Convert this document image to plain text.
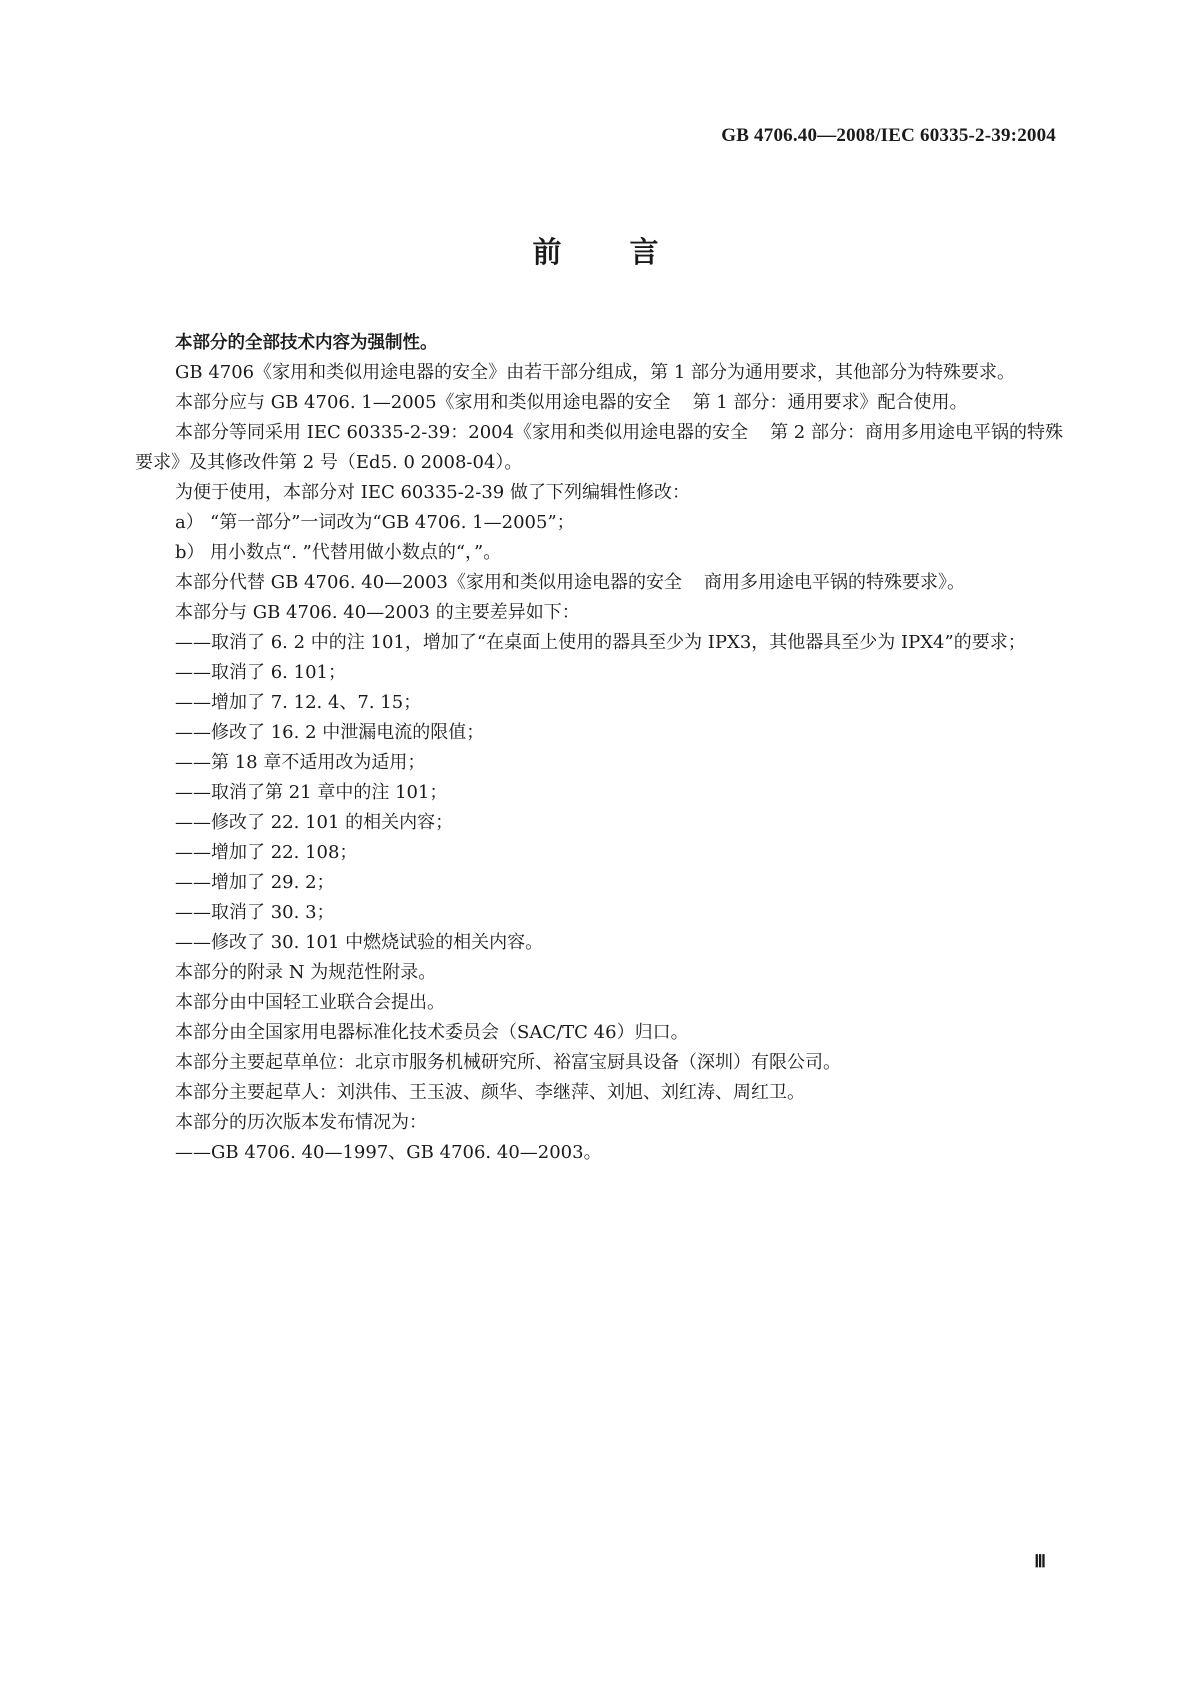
GB 4706.40—2008/IEC 60335-2-39:2004
前 言

本部分的全部技术内容为强制性。

GB 4706《家用和类似用途电器的安全》由若干部分组成，第 1 部分为通用要求，其他部分为特殊要求。

本部分应与 GB 4706. 1—2005《家用和类似用途电器的安全 第 1 部分：通用要求》配合使用。

本部分等同采用 IEC 60335-2-39：2004《家用和类似用途电器的安全 第 2 部分：商用多用途电平锅的特殊要求》及其修改件第 2 号（Ed5. 0 2008-04）。

为便于使用，本部分对 IEC 60335-2-39 做了下列编辑性修改：

a） “第一部分”一词改为“GB 4706. 1—2005”；

b） 用小数点“. ”代替用做小数点的“，”。

本部分代替 GB 4706. 40—2003《家用和类似用途电器的安全 商用多用途电平锅的特殊要求》。

本部分与 GB 4706. 40—2003 的主要差异如下：

——取消了 6. 2 中的注 101，增加了“在桌面上使用的器具至少为 IPX3，其他器具至少为 IPX4”的要求；

——取消了 6. 101；

——增加了 7. 12. 4、7. 15；

——修改了 16. 2 中泄漏电流的限值；

——第 18 章不适用改为适用；

——取消了第 21 章中的注 101；

——修改了 22. 101 的相关内容；

——增加了 22. 108；

——增加了 29. 2；

——取消了 30. 3；

——修改了 30. 101 中燃烧试验的相关内容。

本部分的附录 N 为规范性附录。

本部分由中国轻工业联合会提出。

本部分由全国家用电器标准化技术委员会（SAC/TC 46）归口。

本部分主要起草单位：北京市服务机械研究所、裕富宝厨具设备（深圳）有限公司。

本部分主要起草人：刘洪伟、王玉波、颜华、李继萍、刘旭、刘红涛、周红卫。

本部分的历次版本发布情况为：

——GB 4706. 40—1997、GB 4706. 40—2003。

Ⅲ
